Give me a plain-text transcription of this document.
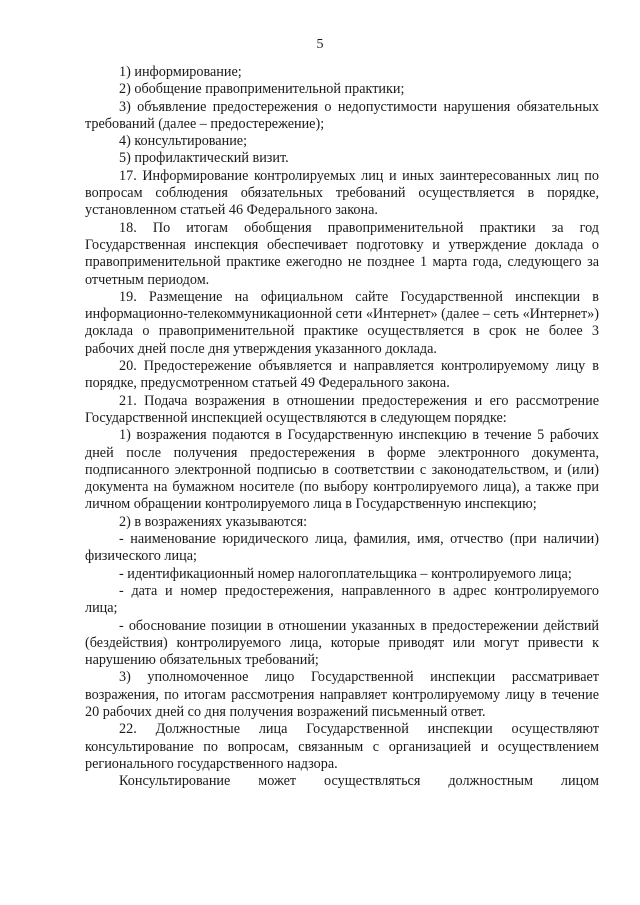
5

1) информирование;

2) обобщение правоприменительной практики;

3) объявление предостережения о недопустимости нарушения обязательных требований (далее – предостережение);

4) консультирование;

5) профилактический визит.

17. Информирование контролируемых лиц и иных заинтересованных лиц по вопросам соблюдения обязательных требований осуществляется в порядке, установленном статьей 46 Федерального закона.

18. По итогам обобщения правоприменительной практики за год Государственная инспекция обеспечивает подготовку и утверждение доклада о правоприменительной практике ежегодно не позднее 1 марта года, следующего за отчетным периодом.

19. Размещение на официальном сайте Государственной инспекции в информационно-телекоммуникационной сети «Интернет» (далее – сеть «Интернет») доклада о правоприменительной практике осуществляется в срок не более 3 рабочих дней после дня утверждения указанного доклада.

20. Предостережение объявляется и направляется контролируемому лицу в порядке, предусмотренном статьей 49 Федерального закона.

21. Подача возражения в отношении предостережения и его рассмотрение Государственной инспекцией осуществляются в следующем порядке:

1) возражения подаются в Государственную инспекцию в течение 5 рабочих дней после получения предостережения в форме электронного документа, подписанного электронной подписью в соответствии с законодательством, и (или) документа на бумажном носителе (по выбору контролируемого лица), а также при личном обращении контролируемого лица в Государственную инспекцию;

2) в возражениях указываются:

- наименование юридического лица, фамилия, имя, отчество (при наличии) физического лица;

- идентификационный номер налогоплательщика – контролируемого лица;

- дата и номер предостережения, направленного в адрес контролируемого лица;

- обоснование позиции в отношении указанных в предостережении действий (бездействия) контролируемого лица, которые приводят или могут привести к нарушению обязательных требований;

3) уполномоченное лицо Государственной инспекции рассматривает возражения, по итогам рассмотрения направляет контролируемому лицу в течение 20 рабочих дней со дня получения возражений письменный ответ.

22. Должностные лица Государственной инспекции осуществляют консультирование по вопросам, связанным с организацией и осуществлением регионального государственного надзора.

Консультирование может осуществляться должностным лицом
